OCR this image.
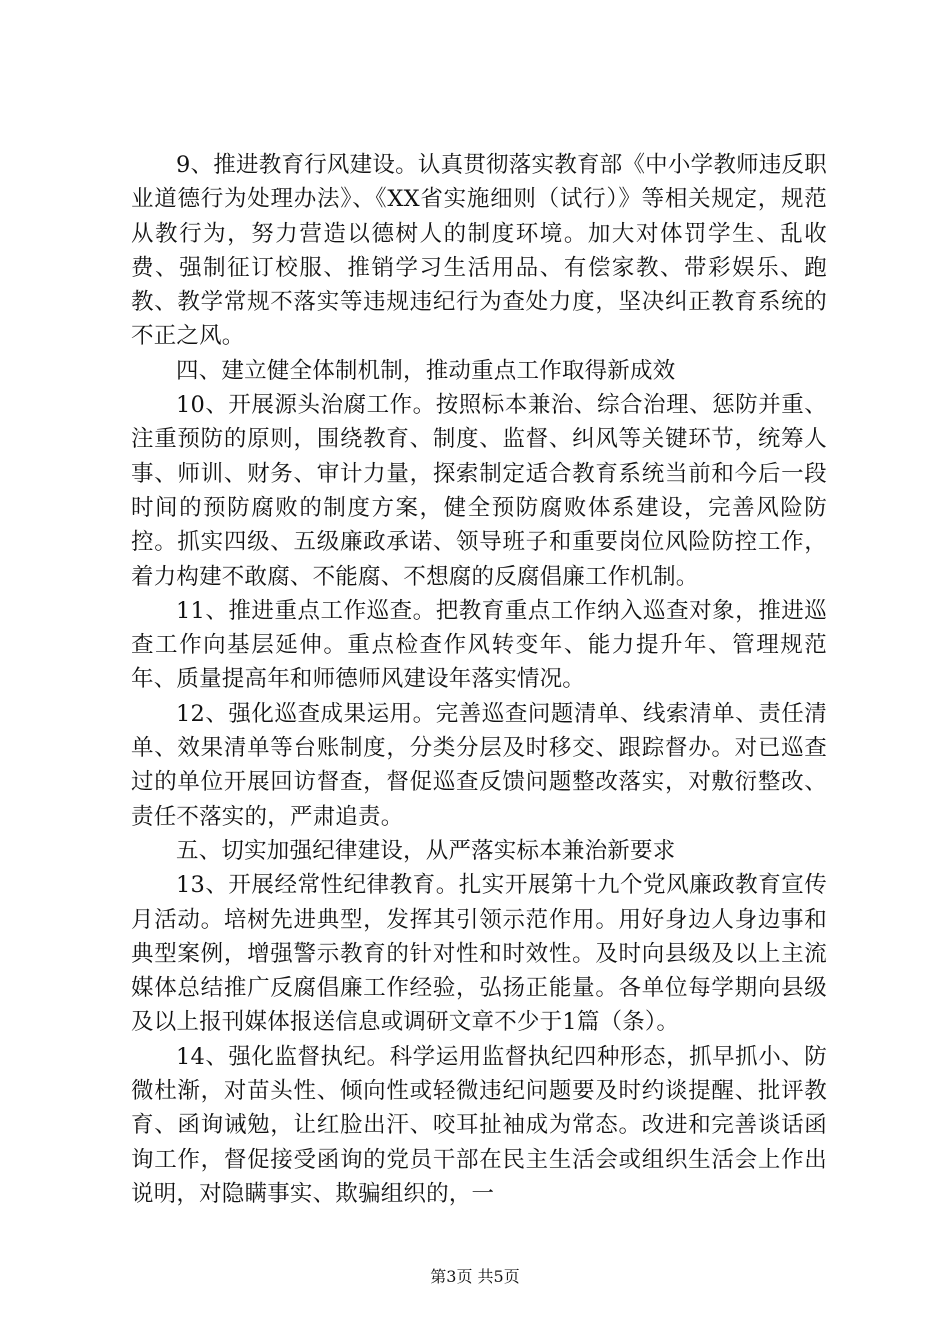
9、推进教育行风建设。认真贯彻落实教育部《中小学教师违反职业道德行为处理办法》、《XX省实施细则（试行）》等相关规定，规范从教行为，努力营造以德树人的制度环境。加大对体罚学生、乱收费、强制征订校服、推销学习生活用品、有偿家教、带彩娱乐、跑教、教学常规不落实等违规违纪行为查处力度，坚决纠正教育系统的不正之风。

四、建立健全体制机制，推动重点工作取得新成效

10、开展源头治腐工作。按照标本兼治、综合治理、惩防并重、注重预防的原则，围绕教育、制度、监督、纠风等关键环节，统筹人事、师训、财务、审计力量，探索制定适合教育系统当前和今后一段时间的预防腐败的制度方案，健全预防腐败体系建设，完善风险防控。抓实四级、五级廉政承诺、领导班子和重要岗位风险防控工作，着力构建不敢腐、不能腐、不想腐的反腐倡廉工作机制。

11、推进重点工作巡查。把教育重点工作纳入巡查对象，推进巡查工作向基层延伸。重点检查作风转变年、能力提升年、管理规范年、质量提高年和师德师风建设年落实情况。

12、强化巡查成果运用。完善巡查问题清单、线索清单、责任清单、效果清单等台账制度，分类分层及时移交、跟踪督办。对已巡查过的单位开展回访督查，督促巡查反馈问题整改落实，对敷衍整改、责任不落实的，严肃追责。

五、切实加强纪律建设，从严落实标本兼治新要求

13、开展经常性纪律教育。扎实开展第十九个党风廉政教育宣传月活动。培树先进典型，发挥其引领示范作用。用好身边人身边事和典型案例，增强警示教育的针对性和时效性。及时向县级及以上主流媒体总结推广反腐倡廉工作经验，弘扬正能量。各单位每学期向县级及以上报刊媒体报送信息或调研文章不少于1篇（条）。

14、强化监督执纪。科学运用监督执纪四种形态，抓早抓小、防微杜渐，对苗头性、倾向性或轻微违纪问题要及时约谈提醒、批评教育、函询诫勉，让红脸出汗、咬耳扯袖成为常态。改进和完善谈话函询工作，督促接受函询的党员干部在民主生活会或组织生活会上作出说明，对隐瞒事实、欺骗组织的，一

第3页 共5页
